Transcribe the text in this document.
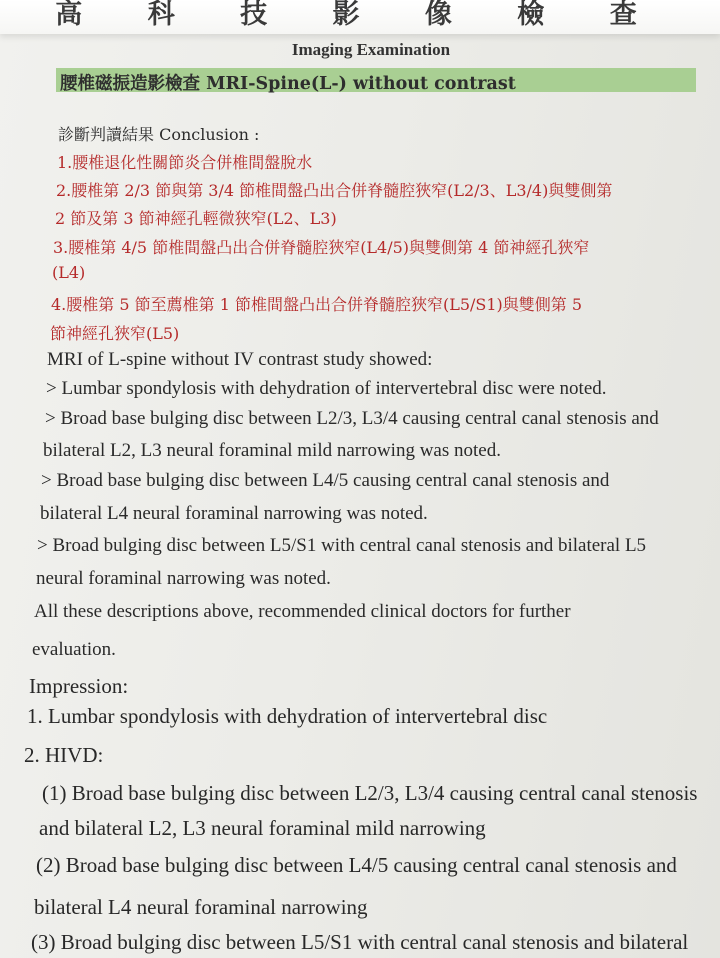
高 科 技 影 像 檢 查
Imaging Examination
腰椎磁振造影檢查 MRI-Spine(L-) without contrast
診斷判讀結果 Conclusion :
1.腰椎退化性關節炎合併椎間盤脫水
2.腰椎第 2/3 節與第 3/4 節椎間盤凸出合併脊髓腔狹窄(L2/3、L3/4)與雙側第
2 節及第 3 節神經孔輕微狹窄(L2、L3)
3.腰椎第 4/5 節椎間盤凸出合併脊髓腔狹窄(L4/5)與雙側第 4 節神經孔狹窄
(L4)
4.腰椎第 5 節至薦椎第 1 節椎間盤凸出合併脊髓腔狹窄(L5/S1)與雙側第 5
節神經孔狹窄(L5)
MRI of L-spine without IV contrast study showed:
> Lumbar spondylosis with dehydration of intervertebral disc were noted.
> Broad base bulging disc between L2/3, L3/4 causing central canal stenosis and
bilateral L2, L3 neural foraminal mild narrowing was noted.
> Broad base bulging disc between L4/5 causing central canal stenosis and
bilateral L4 neural foraminal narrowing was noted.
> Broad bulging disc between L5/S1 with central canal stenosis and bilateral L5
neural foraminal narrowing was noted.
All these descriptions above, recommended clinical doctors for further
evaluation.
Impression:
1. Lumbar spondylosis with dehydration of intervertebral disc
2. HIVD:
(1) Broad base bulging disc between L2/3, L3/4 causing central canal stenosis
and bilateral L2, L3 neural foraminal mild narrowing
(2) Broad base bulging disc between L4/5 causing central canal stenosis and
bilateral L4 neural foraminal narrowing
(3) Broad bulging disc between L5/S1 with central canal stenosis and bilateral
